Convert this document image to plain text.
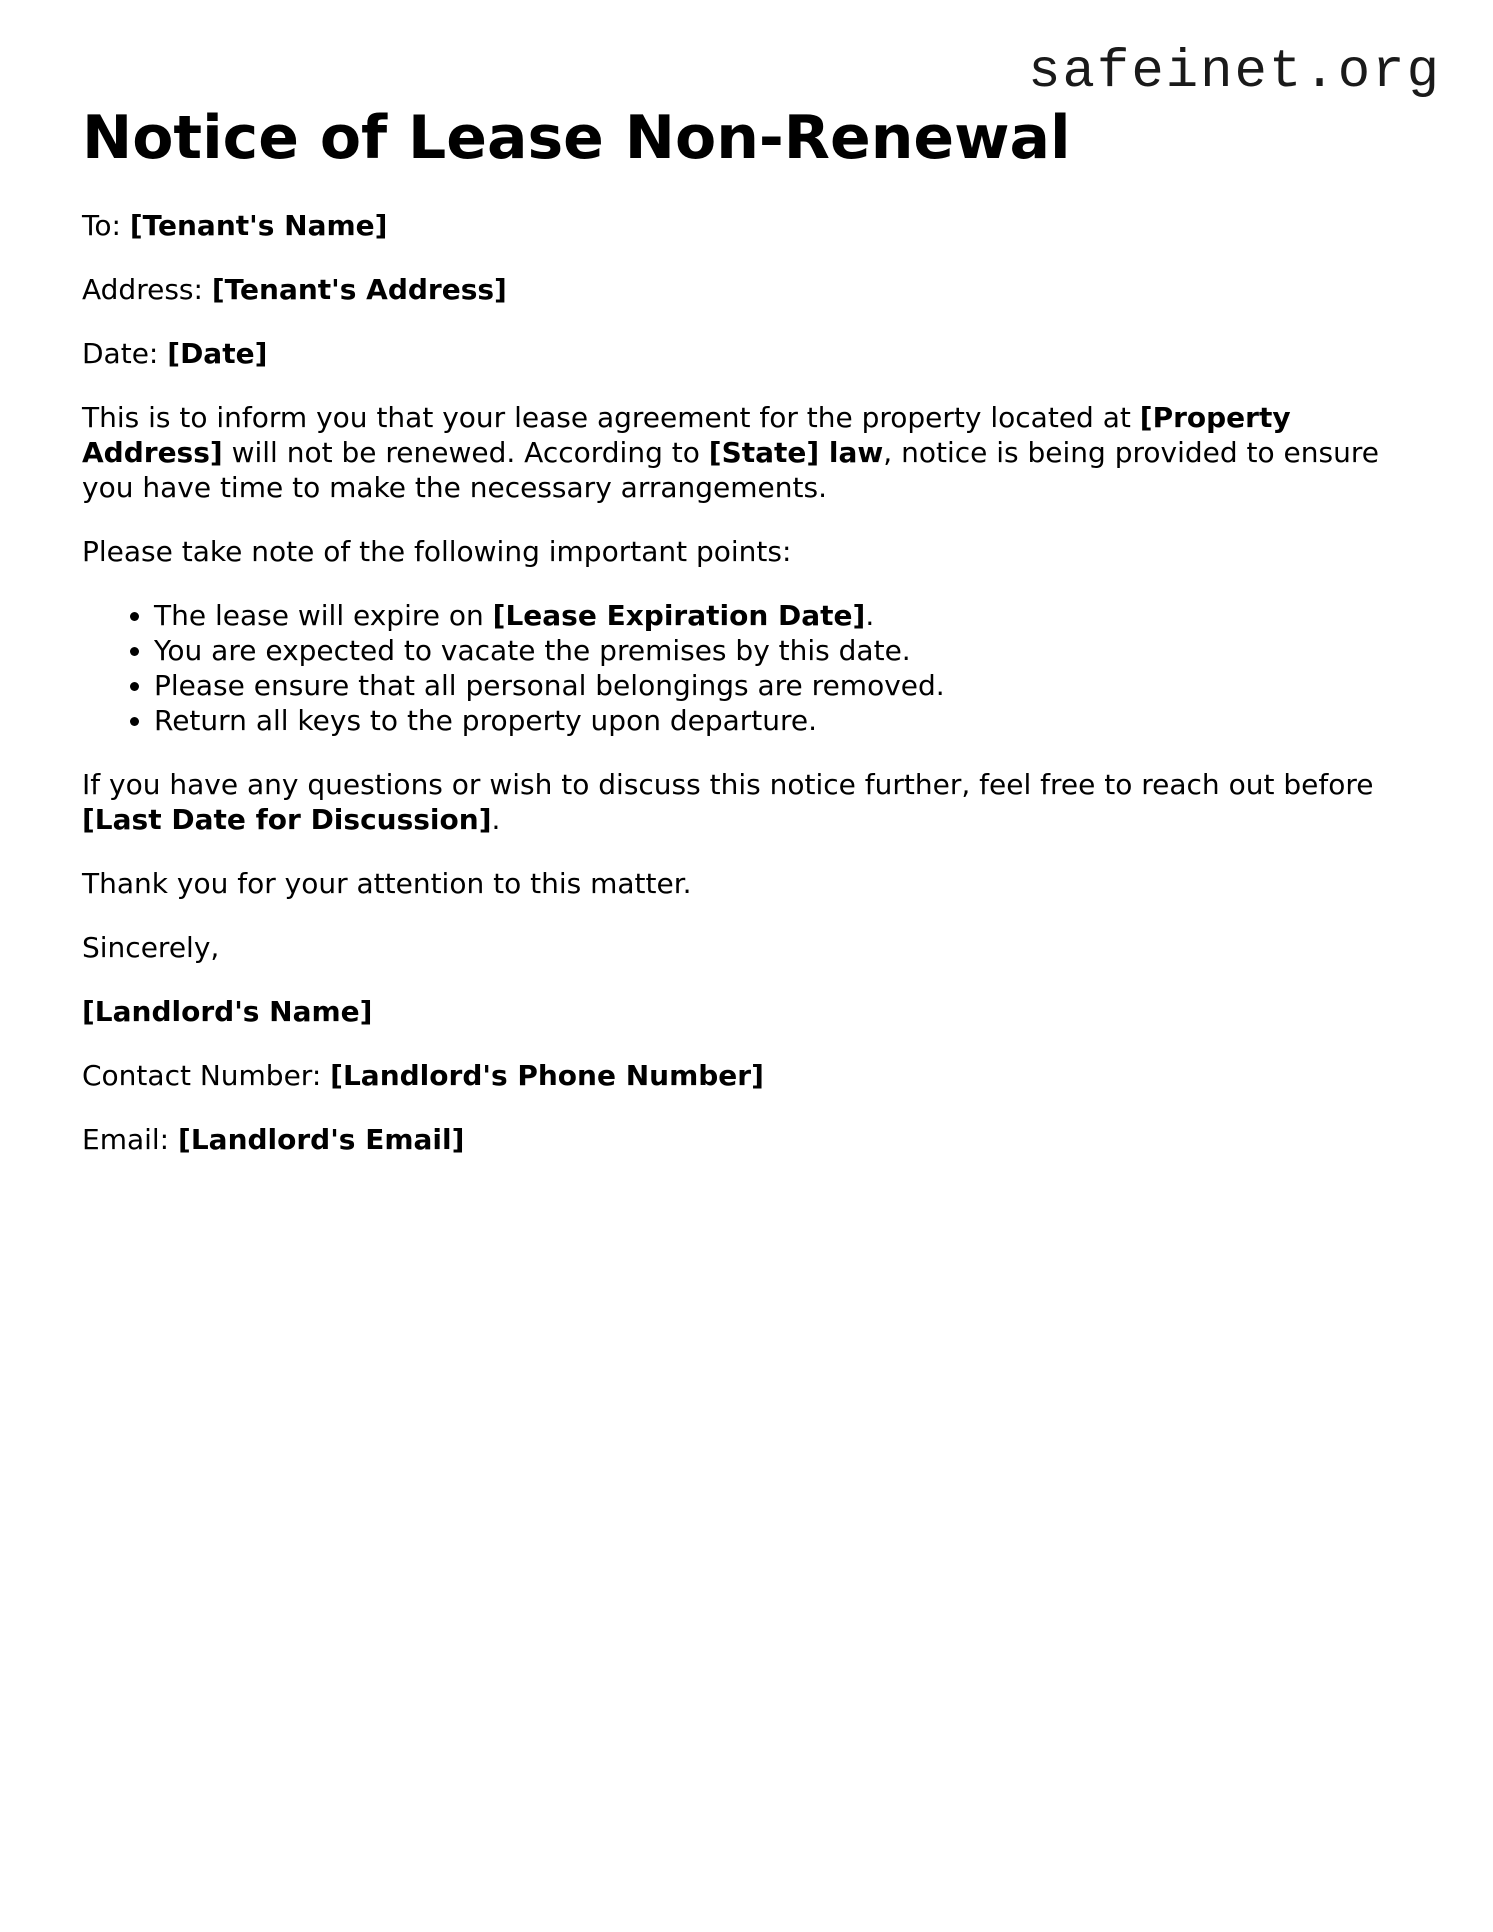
safeinet.org
Notice of Lease Non-Renewal

To: [Tenant's Name]

Address: [Tenant's Address]

Date: [Date]

This is to inform you that your lease agreement for the property located at [Property Address] will not be renewed. According to [State] law, notice is being provided to ensure you have time to make the necessary arrangements.

Please take note of the following important points:

• The lease will expire on [Lease Expiration Date].
• You are expected to vacate the premises by this date.
• Please ensure that all personal belongings are removed.
• Return all keys to the property upon departure.

If you have any questions or wish to discuss this notice further, feel free to reach out before [Last Date for Discussion].

Thank you for your attention to this matter.

Sincerely,

[Landlord's Name]

Contact Number: [Landlord's Phone Number]

Email: [Landlord's Email]
